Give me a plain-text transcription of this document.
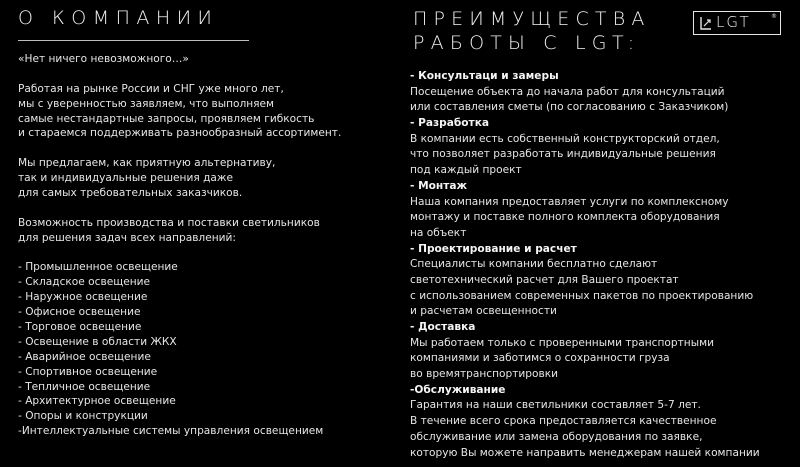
О КОМПАНИИ
«Нет ничего невозможного…»
Работая на рынке России и СНГ уже много лет,
мы с уверенностью заявляем, что выполняем
самые нестандартные запросы, проявляем гибкость
и стараемся поддерживать разнообразный ассортимент.
Мы предлагаем, как приятную альтернативу,
так и индивидуальные решения даже
для самых требовательных заказчиков.
Возможность производства и поставки светильников
для решения задач всех направлений:
- Промышленное освещение
- Складское освещение
- Наружное освещение
- Офисное освещение
- Торговое освещение
- Освещение в области ЖКХ
- Аварийное освещение
- Спортивное освещение
- Тепличное освещение
- Архитектурное освещение
- Опоры и конструкции
-Интеллектуальные системы управления освещением
ПРЕИМУЩЕСТВА
РАБОТЫ С LGT:
- Консультаци и замеры
Посещение объекта до начала работ для консультаций
или составления сметы (по согласованию с Заказчиком)
- Разработка
В компании есть собственный конструкторский отдел,
что позволяет разработать индивидуальные решения
под каждый проект
- Монтаж
Наша компания предоставляет услуги по комплексному
монтажу и поставке полного комплекта оборудования
на объект
- Проектирование и расчет
Специалисты компании бесплатно сделают
светотехнический расчет для Вашего проектат
с использованием современных пакетов по проектированию
и расчетам освещенности
- Доставка
Мы работаем только с проверенными транспортными
компаниями и заботимся о сохранности груза
во времятранспортировки
-Обслуживание
Гарантия на наши светильники составляет 5-7 лет.
В течение всего срока предоставляется качественное
обслуживание или замена оборудования по заявке,
которую Вы можете направить менеджерам нашей компании
LGT	®
